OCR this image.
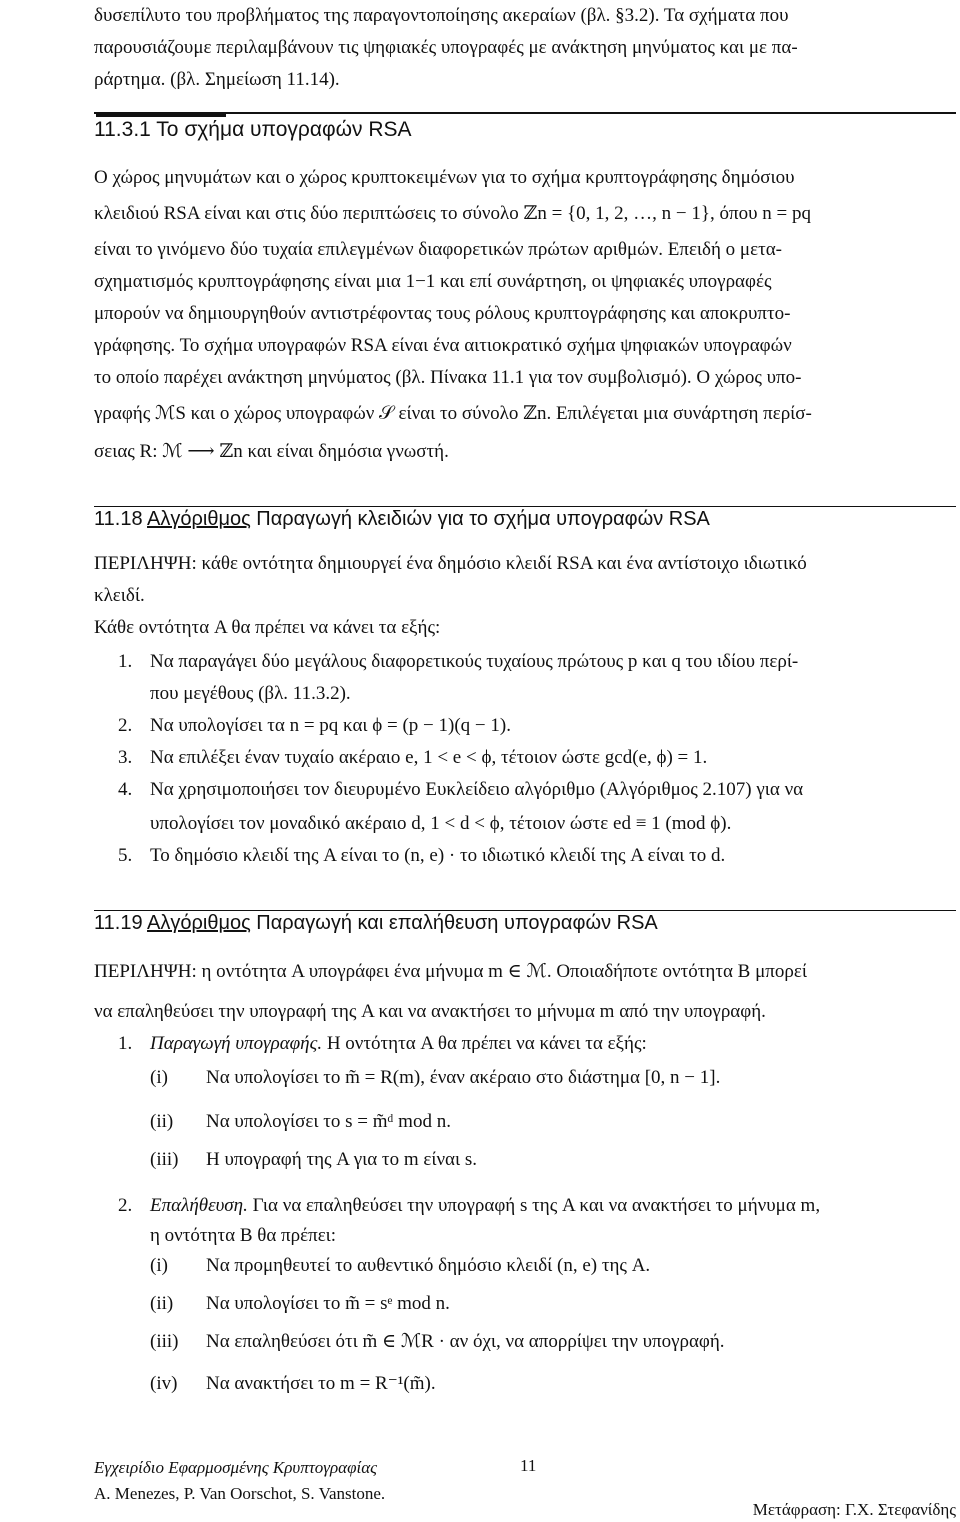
δυσεπίλυτο του προβλήματος της παραγοντοποίησης ακεραίων (βλ. §3.2). Τα σχήματα που
παρουσιάζουμε περιλαμβάνουν τις ψηφιακές υπογραφές με ανάκτηση μηνύματος και με πα-
ράρτημα. (βλ. Σημείωση 11.14).
11.3.1 Το σχήμα υπογραφών RSA
Ο χώρος μηνυμάτων και ο χώρος κρυπτοκειμένων για το σχήμα κρυπτογράφησης δημόσιου
κλειδιού RSA είναι και στις δύο περιπτώσεις το σύνολο ℤn = {0, 1, 2, …, n − 1}, όπου n = pq
είναι το γινόμενο δύο τυχαία επιλεγμένων διαφορετικών πρώτων αριθμών. Επειδή ο μετα-
σχηματισμός κρυπτογράφησης είναι μια 1−1 και επί συνάρτηση, οι ψηφιακές υπογραφές
μπορούν να δημιουργηθούν αντιστρέφοντας τους ρόλους κρυπτογράφησης και αποκρυπτο-
γράφησης. Το σχήμα υπογραφών RSA είναι ένα αιτιοκρατικό σχήμα ψηφιακών υπογραφών
το οποίο παρέχει ανάκτηση μηνύματος (βλ. Πίνακα 11.1 για τον συμβολισμό). Ο χώρος υπο-
γραφής ℳS και ο χώρος υπογραφών 𝒮 είναι το σύνολο ℤn. Επιλέγεται μια συνάρτηση περίσ-
σειας R: ℳ ⟶ ℤn και είναι δημόσια γνωστή.
11.18 Αλγόριθμος Παραγωγή κλειδιών για το σχήμα υπογραφών RSA
ΠΕΡΙΛΗΨΗ: κάθε οντότητα δημιουργεί ένα δημόσιο κλειδί RSA και ένα αντίστοιχο ιδιωτικό
κλειδί.
Κάθε οντότητα A θα πρέπει να κάνει τα εξής:
1. Να παραγάγει δύο μεγάλους διαφορετικούς τυχαίους πρώτους p και q του ιδίου περί-
που μεγέθους (βλ. 11.3.2).
2. Να υπολογίσει τα n = pq και ϕ = (p − 1)(q − 1).
3. Να επιλέξει έναν τυχαίο ακέραιο e, 1 < e < ϕ, τέτοιον ώστε gcd(e, ϕ) = 1.
4. Να χρησιμοποιήσει τον διευρυμένο Ευκλείδειο αλγόριθμο (Αλγόριθμος 2.107) για να
υπολογίσει τον μοναδικό ακέραιο d, 1 < d < ϕ, τέτοιον ώστε ed ≡ 1 (mod ϕ).
5. Το δημόσιο κλειδί της A είναι το (n, e) · το ιδιωτικό κλειδί της A είναι το d.
11.19 Αλγόριθμος Παραγωγή και επαλήθευση υπογραφών RSA
ΠΕΡΙΛΗΨΗ: η οντότητα A υπογράφει ένα μήνυμα m ∈ ℳ. Οποιαδήποτε οντότητα B μπορεί
να επαληθεύσει την υπογραφή της A και να ανακτήσει το μήνυμα m από την υπογραφή.
1. Παραγωγή υπογραφής. Η οντότητα A θα πρέπει να κάνει τα εξής:
(i) Να υπολογίσει το m̃ = R(m), έναν ακέραιο στο διάστημα [0, n − 1].
(ii) Να υπολογίσει το s = m̃ᵈ mod n.
(iii) Η υπογραφή της A για το m είναι s.
2. Επαλήθευση. Για να επαληθεύσει την υπογραφή s της A και να ανακτήσει το μήνυμα m,
η οντότητα B θα πρέπει:
(i) Να προμηθευτεί το αυθεντικό δημόσιο κλειδί (n, e) της A.
(ii) Να υπολογίσει το m̃ = sᵉ mod n.
(iii) Να επαληθεύσει ότι m̃ ∈ ℳR · αν όχι, να απορρίψει την υπογραφή.
(iv) Να ανακτήσει το m = R⁻¹(m̃).
Εγχειρίδιο Εφαρμοσμένης Κρυπτογραφίας	11
A. Menezes, P. Van Oorschot, S. Vanstone.
Μετάφραση: Γ.Χ. Στεφανίδης
